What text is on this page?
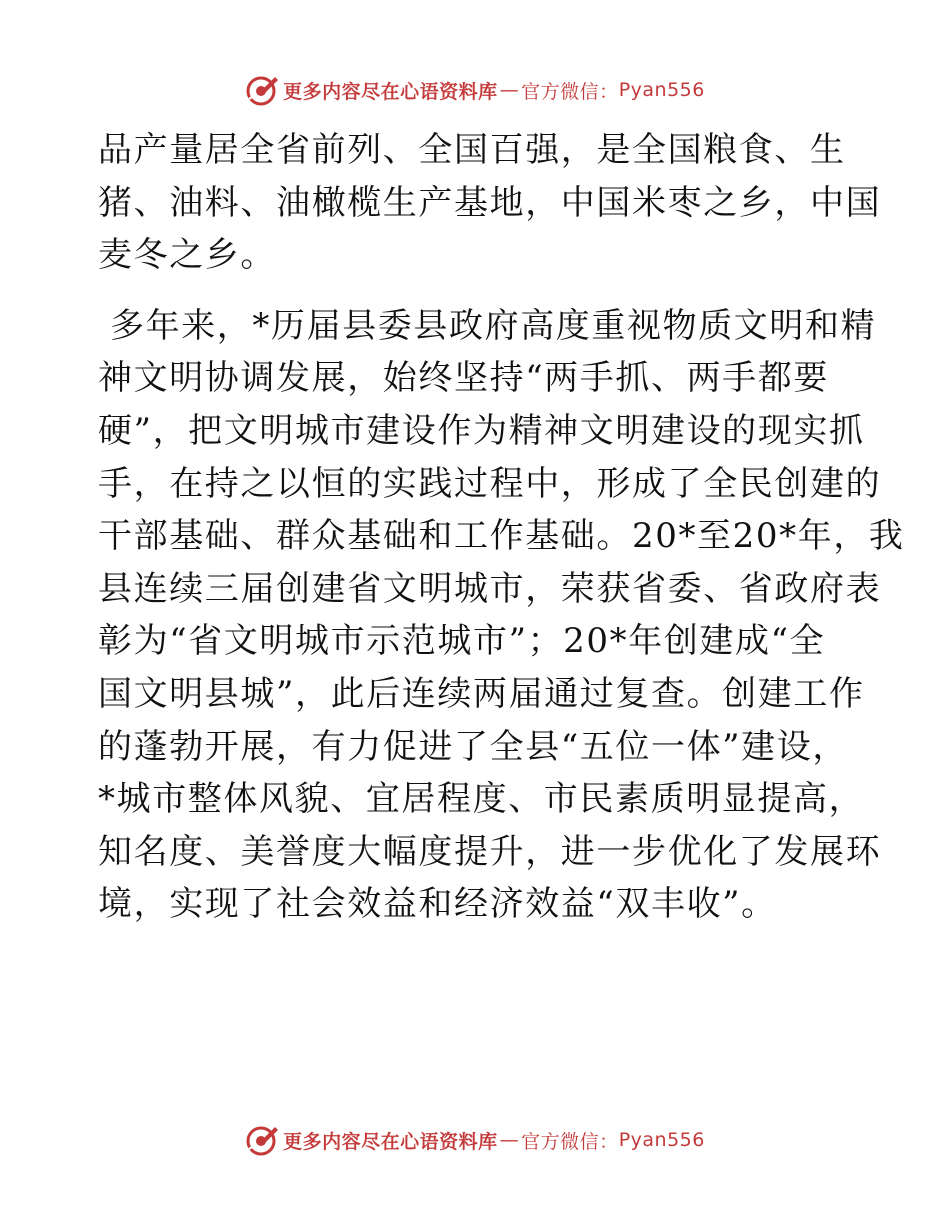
更多内容尽在心语资料库 — 官方微信： Pyan556
品产量居全省前列、全国百强，是全国粮食、生
猪、油料、油橄榄生产基地，中国米枣之乡，中国
麦冬之乡。
多年来，*历届县委县政府高度重视物质文明和精
神文明协调发展，始终坚持“两手抓、两手都要
硬”，把文明城市建设作为精神文明建设的现实抓
手，在持之以恒的实践过程中，形成了全民创建的
干部基础、群众基础和工作基础。20*至20*年，我
县连续三届创建省文明城市，荣获省委、省政府表
彰为“省文明城市示范城市”；20*年创建成“全
国文明县城”，此后连续两届通过复查。创建工作
的蓬勃开展，有力促进了全县“五位一体”建设，
*城市整体风貌、宜居程度、市民素质明显提高，
知名度、美誉度大幅度提升，进一步优化了发展环
境，实现了社会效益和经济效益“双丰收”。
更多内容尽在心语资料库 — 官方微信： Pyan556
